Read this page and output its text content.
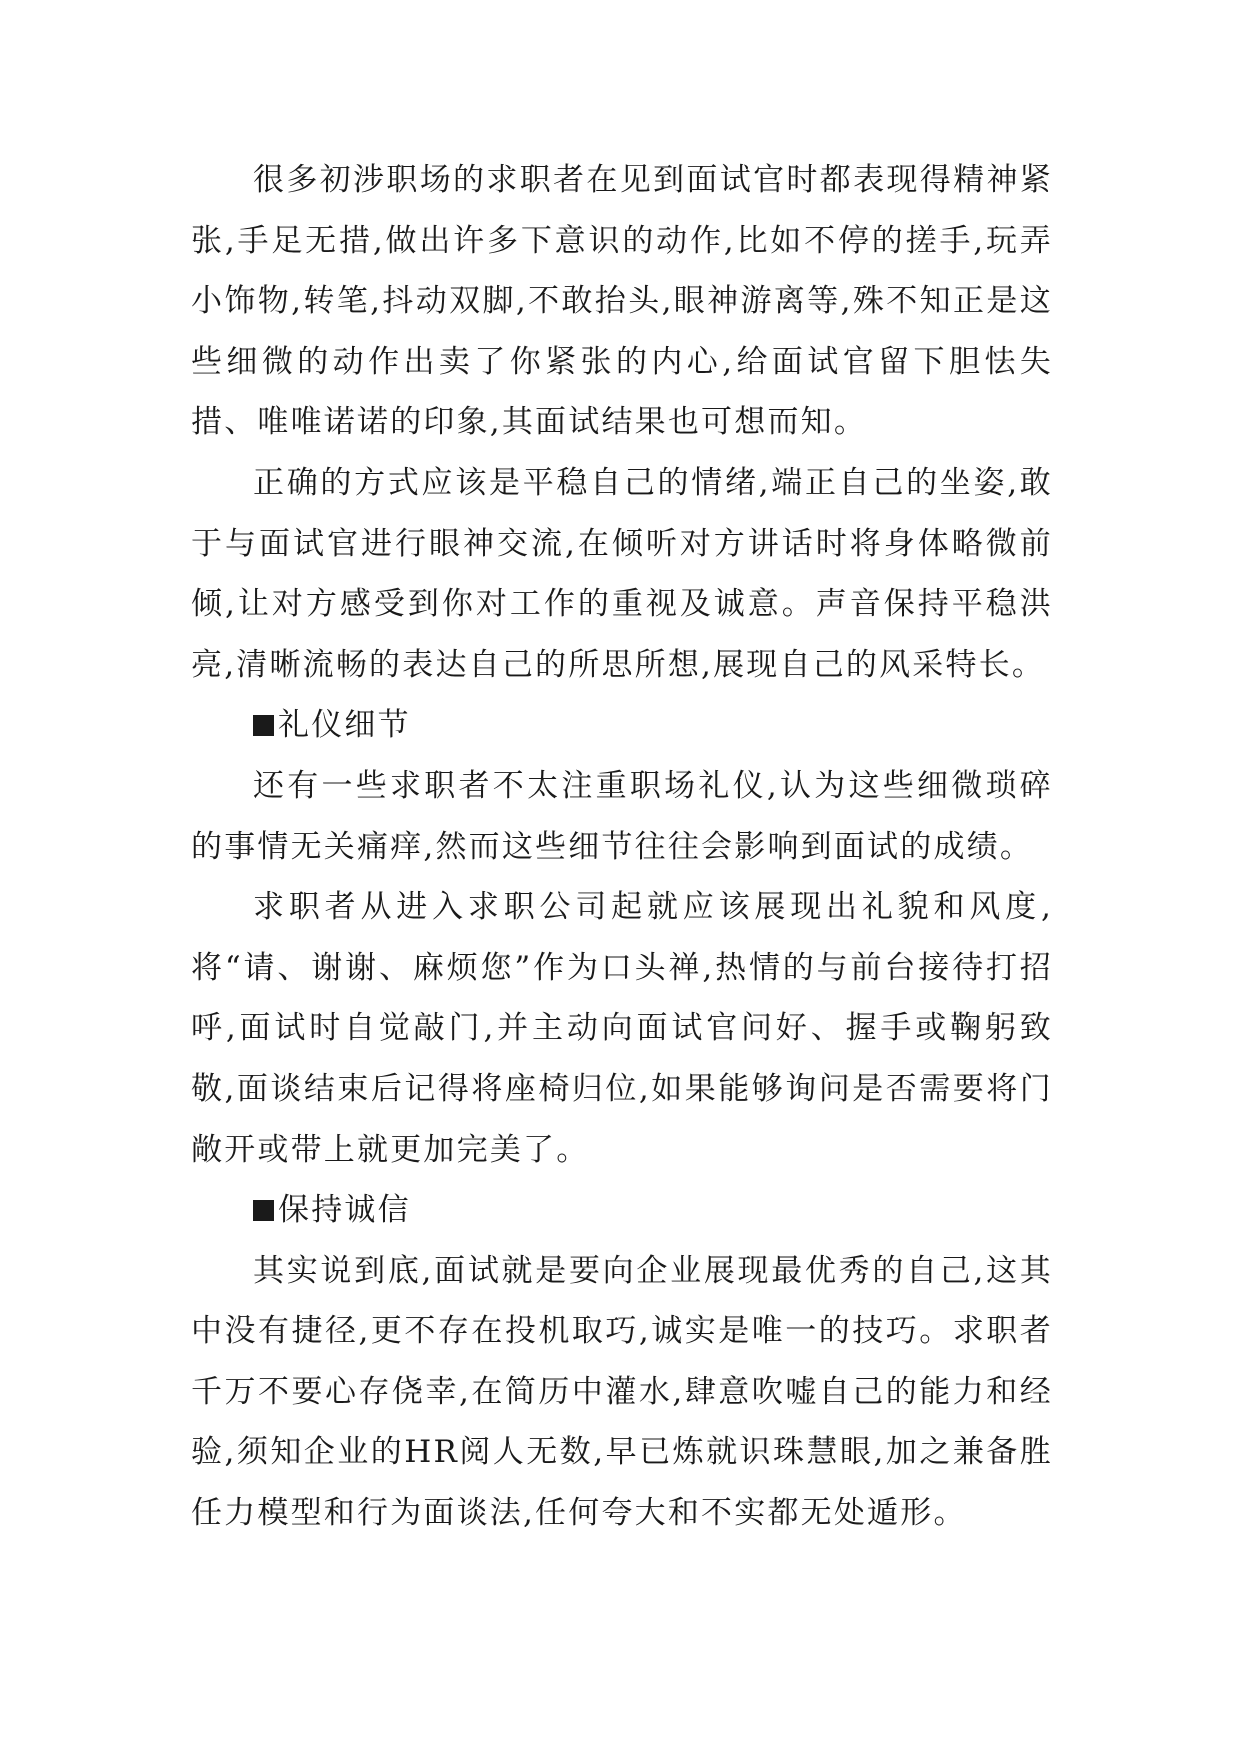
很多初涉职场的求职者在见到面试官时都表现得精神紧张,手足无措,做出许多下意识的动作,比如不停的搓手,玩弄小饰物,转笔,抖动双脚,不敢抬头,眼神游离等,殊不知正是这些细微的动作出卖了你紧张的内心,给面试官留下胆怯失措、唯唯诺诺的印象,其面试结果也可想而知。

正确的方式应该是平稳自己的情绪,端正自己的坐姿,敢于与面试官进行眼神交流,在倾听对方讲话时将身体略微前倾,让对方感受到你对工作的重视及诚意。声音保持平稳洪亮,清晰流畅的表达自己的所思所想,展现自己的风采特长。

礼仪细节

还有一些求职者不太注重职场礼仪,认为这些细微琐碎的事情无关痛痒,然而这些细节往往会影响到面试的成绩。

求职者从进入求职公司起就应该展现出礼貌和风度,将“请、谢谢、麻烦您”作为口头禅,热情的与前台接待打招呼,面试时自觉敲门,并主动向面试官问好、握手或鞠躬致敬,面谈结束后记得将座椅归位,如果能够询问是否需要将门敞开或带上就更加完美了。

保持诚信

其实说到底,面试就是要向企业展现最优秀的自己,这其中没有捷径,更不存在投机取巧,诚实是唯一的技巧。求职者千万不要心存侥幸,在简历中灌水,肆意吹嘘自己的能力和经验,须知企业的HR阅人无数,早已炼就识珠慧眼,加之兼备胜任力模型和行为面谈法,任何夸大和不实都无处遁形。
